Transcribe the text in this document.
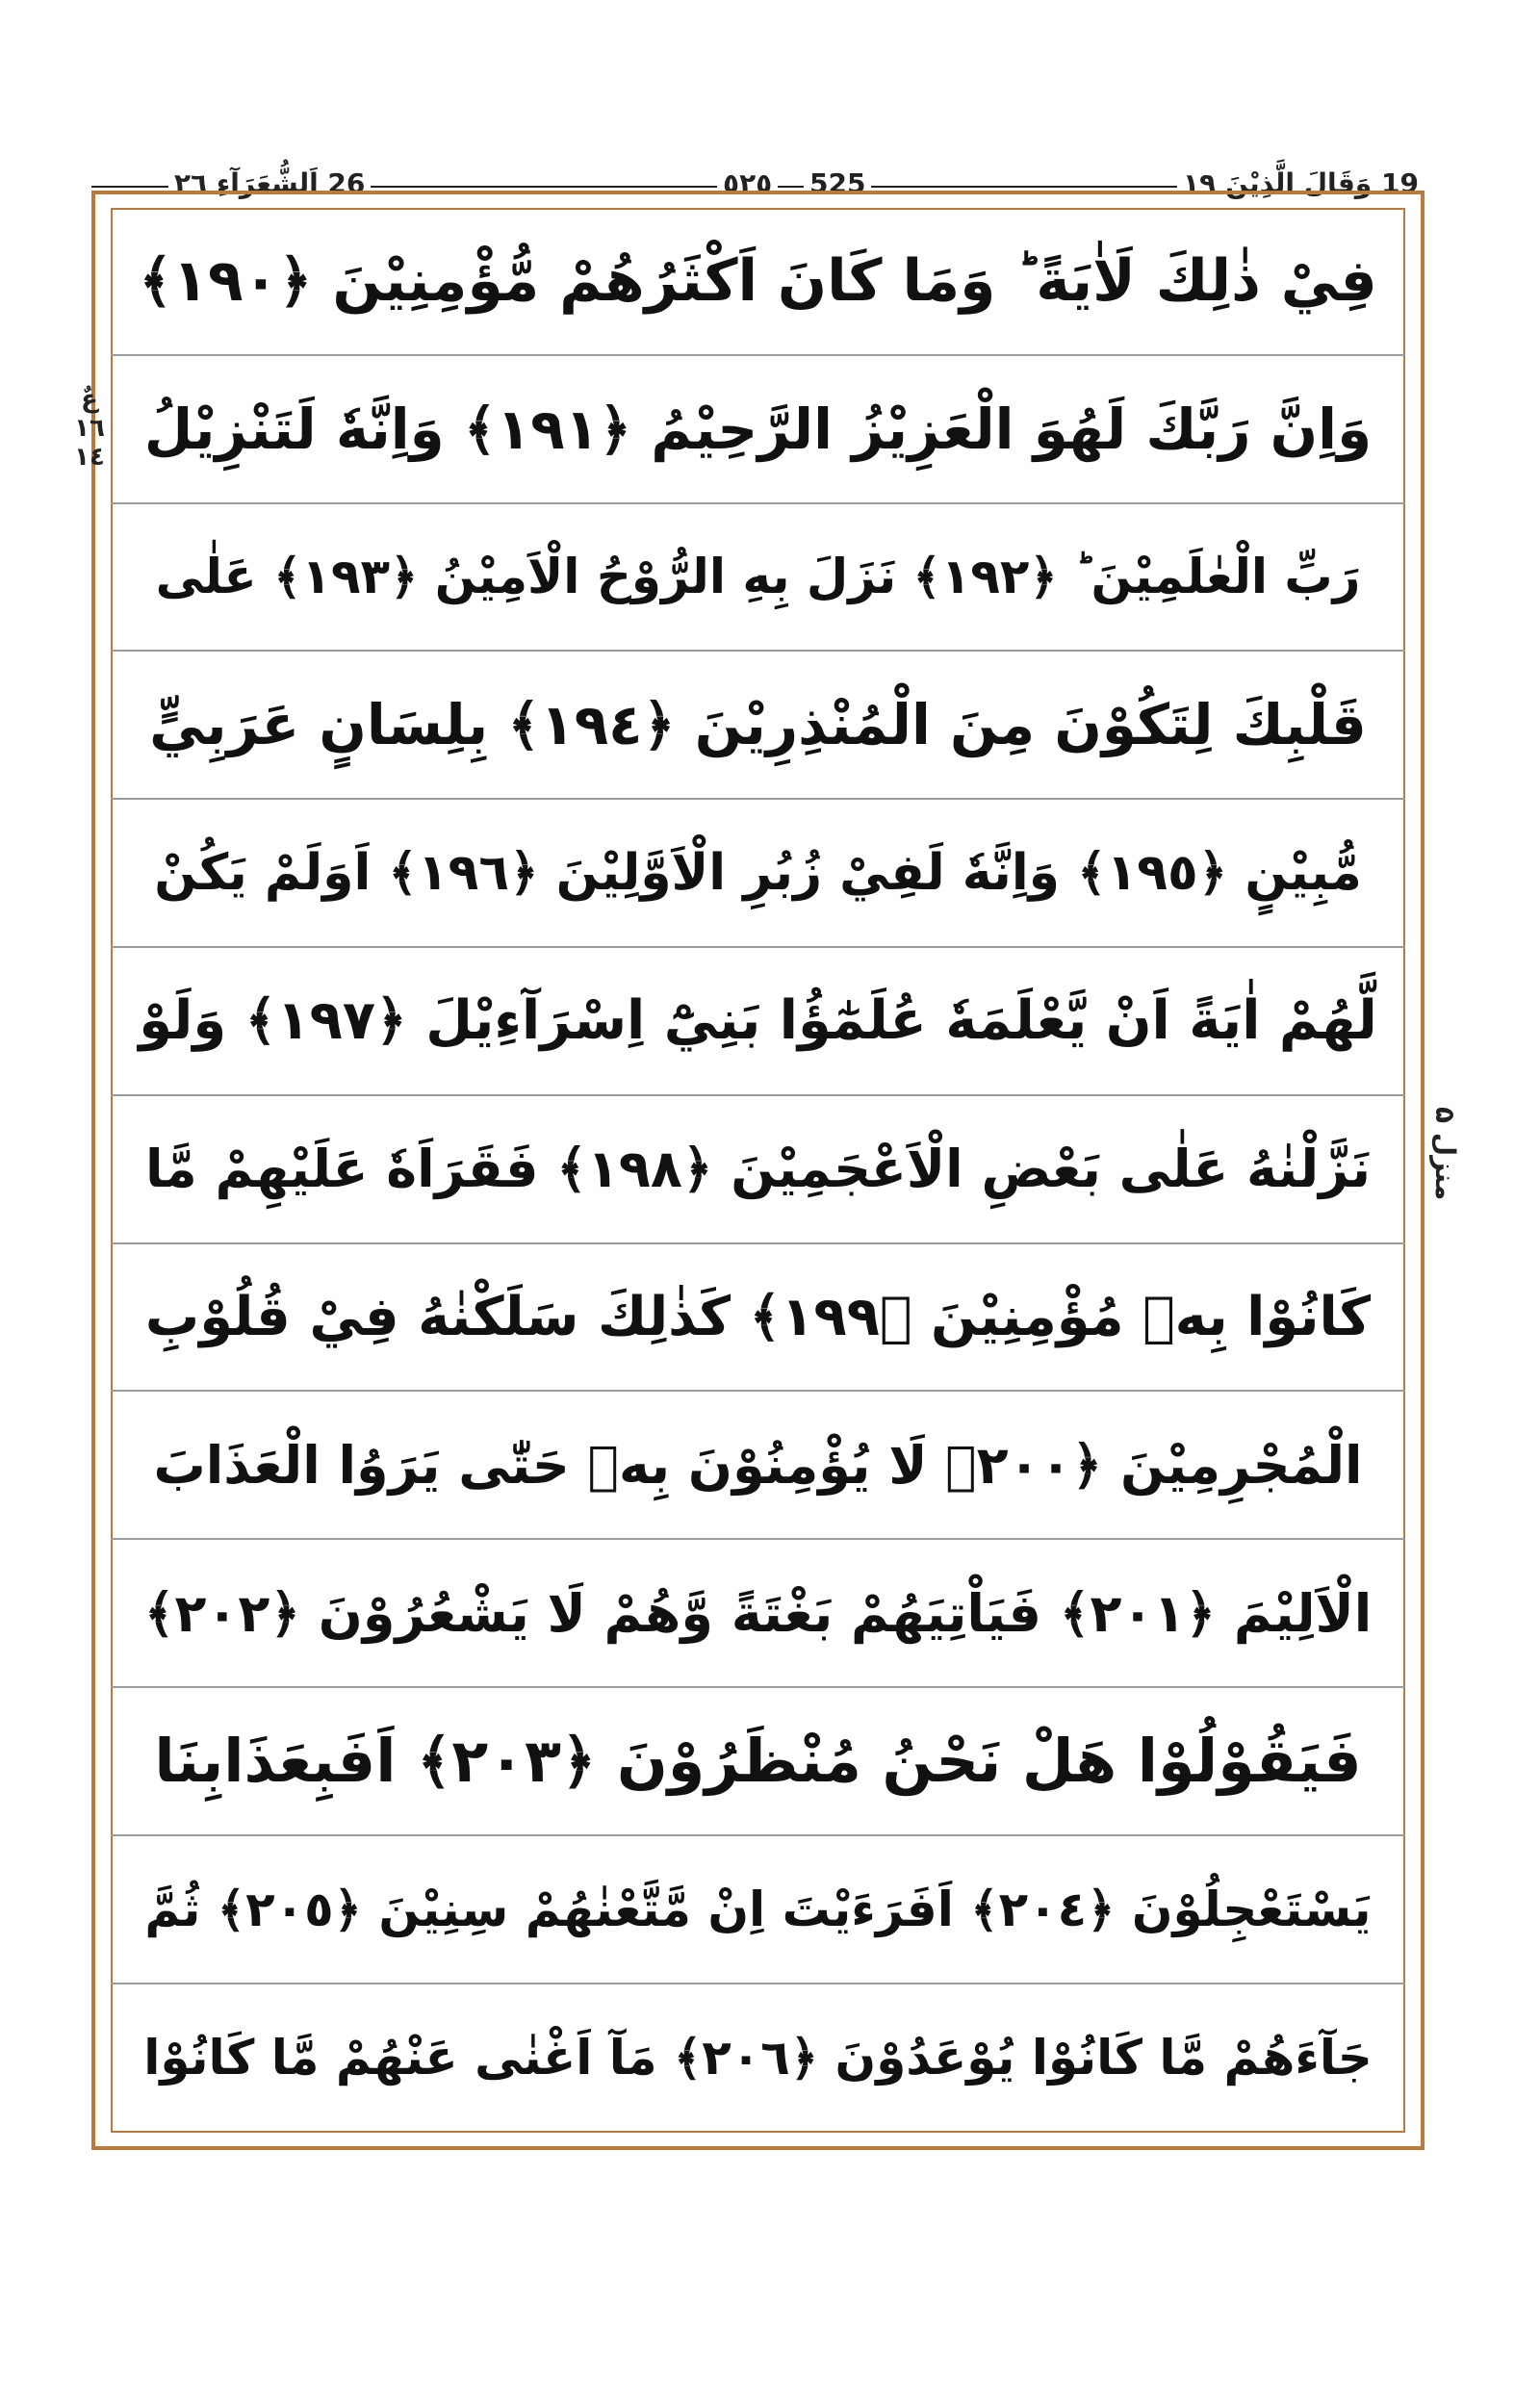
19 وَقَالَ الَّذِيْنَ ١٩
٥٢٥ 525
26 اَلشُّعَرَآءِ ٢٦
فِيْ ذٰلِكَ لَاٰيَةً ؕ وَمَا كَانَ اَكْثَرُهُمْ مُّؤْمِنِيْنَ ﴿١٩٠﴾
وَاِنَّ رَبَّكَ لَهُوَ الْعَزِيْزُ الرَّحِيْمُ ﴿١٩١﴾ وَاِنَّهٗ لَتَنْزِيْلُ
رَبِّ الْعٰلَمِيْنَ ؕ ﴿١٩٢﴾ نَزَلَ بِهِ الرُّوْحُ الْاَمِيْنُ ﴿١٩٣﴾ عَلٰى
قَلْبِكَ لِتَكُوْنَ مِنَ الْمُنْذِرِيْنَ ﴿١٩٤﴾ بِلِسَانٍ عَرَبِيٍّ
مُّبِيْنٍ ﴿١٩٥﴾ وَاِنَّهٗ لَفِيْ زُبُرِ الْاَوَّلِيْنَ ﴿١٩٦﴾ اَوَلَمْ يَكُنْ
لَّهُمْ اٰيَةً اَنْ يَّعْلَمَهٗ عُلَمٰٓؤُا بَنِيْٓ اِسْرَآءِيْلَ ﴿١٩٧﴾ وَلَوْ
نَزَّلْنٰهُ عَلٰى بَعْضِ الْاَعْجَمِيْنَ ﴿١٩٨﴾ فَقَرَاَهٗ عَلَيْهِمْ مَّا
كَانُوْا بِهٖ مُؤْمِنِيْنَ ﴿١٩٩﴾ كَذٰلِكَ سَلَكْنٰهُ فِيْ قُلُوْبِ
الْمُجْرِمِيْنَ ﴿٢٠٠﴾ لَا يُؤْمِنُوْنَ بِهٖ حَتّٰى يَرَوُا الْعَذَابَ
الْاَلِيْمَ ﴿٢٠١﴾ فَيَاْتِيَهُمْ بَغْتَةً وَّهُمْ لَا يَشْعُرُوْنَ ﴿٢٠٢﴾
فَيَقُوْلُوْا هَلْ نَحْنُ مُنْظَرُوْنَ ﴿٢٠٣﴾ اَفَبِعَذَابِنَا
يَسْتَعْجِلُوْنَ ﴿٢٠٤﴾ اَفَرَءَيْتَ اِنْ مَّتَّعْنٰهُمْ سِنِيْنَ ﴿٢٠٥﴾ ثُمَّ
جَآءَهُمْ مَّا كَانُوْا يُوْعَدُوْنَ ﴿٢٠٦﴾ مَآ اَغْنٰى عَنْهُمْ مَّا كَانُوْا
عٌ ١٦ ١٤
منزل ۵
